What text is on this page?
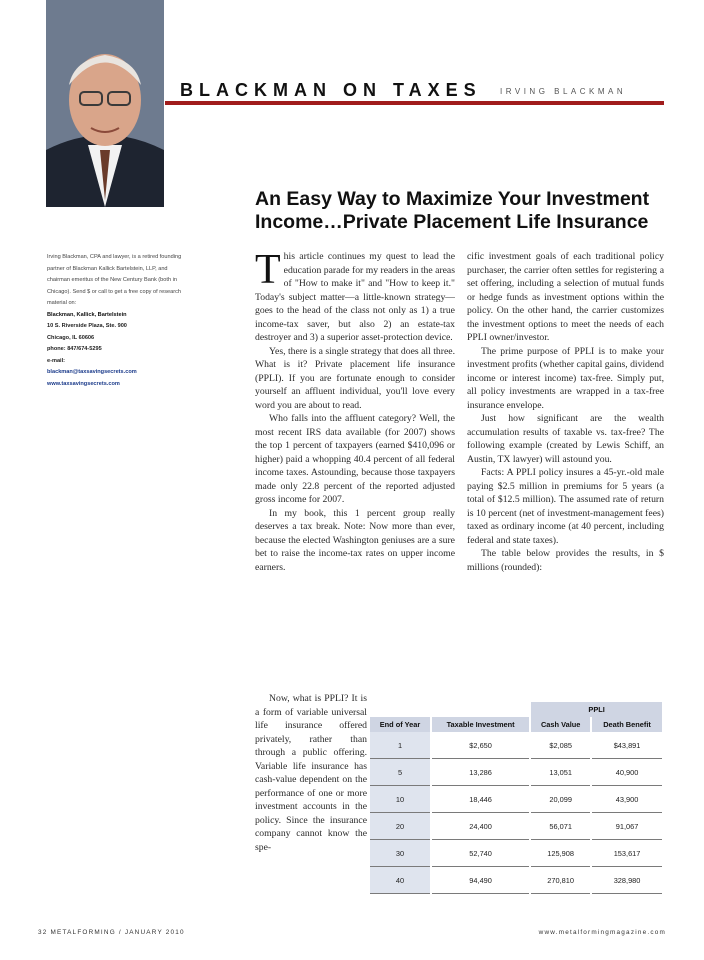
BLACKMAN ON TAXES IRVING BLACKMAN
An Easy Way to Maximize Your Investment Income…Private Placement Life Insurance
Irving Blackman, CPA and lawyer, is a retired founding partner of Blackman Kallick Bartelstein, LLP, and chairman emeritus of the New Century Bank (both in Chicago). Send $ or call to get a free copy of research material on:
Blackman, Kallick, Bartelstein
10 S. Riverside Plaza, Ste. 900
Chicago, IL 60606
phone: 847/674-5295
e-mail:
blackman@taxsavingsecrets.com
www.taxsavingsecrets.com

This article continues my quest to lead the education parade for my readers in the areas of "How to make it" and "How to keep it." Today's subject matter—a little-known strategy—goes to the head of the class not only as 1) a true income-tax saver, but also 2) an estate-tax destroyer and 3) a superior asset-protection device.

Yes, there is a single strategy that does all three. What is it? Private placement life insurance (PPLI). If you are fortunate enough to consider yourself an affluent individual, you'll love every word you are about to read.

Who falls into the affluent category? Well, the most recent IRS data available (for 2007) shows the top 1 percent of taxpayers (earned $410,096 or higher) paid a whopping 40.4 percent of all federal income taxes. Astounding, because those taxpayers made only 22.8 percent of the reported adjusted gross income for 2007.

In my book, this 1 percent group really deserves a tax break. Note: Now more than ever, because the elected Washington geniuses are a sure bet to raise the income-tax rates on upper income earners.

Now, what is PPLI? It is a form of variable universal life insurance offered privately, rather than through a public offering. Variable life insurance has cash-value dependent on the performance of one or more investment accounts in the policy. Since the insurance company cannot know the spe-

cific investment goals of each traditional policy purchaser, the carrier often settles for registering a set offering, including a selection of mutual funds or hedge funds as investment options within the policy. On the other hand, the carrier customizes the investment options to meet the needs of each PPLI owner/investor.

The prime purpose of PPLI is to make your investment profits (whether capital gains, dividend income or interest income) tax-free. Simply put, all policy investments are wrapped in a tax-free insurance envelope.

Just how significant are the wealth accumulation results of taxable vs. tax-free? The following example (created by Lewis Schiff, an Austin, TX lawyer) will astound you.

Facts: A PPLI policy insures a 45-yr.-old male paying $2.5 million in premiums for 5 years (a total of $12.5 million). The assumed rate of return is 10 percent (net of investment-management fees) taxed as ordinary income (at 40 percent, including federal and state taxes).

The table below provides the results, in $ millions (rounded):

		PPLI	
End of Year	Taxable Investment	Cash Value	Death Benefit
1	$2,650	$2,085	$43,891
5	13,286	13,051	40,900
10	18,446	20,099	43,900
20	24,400	56,071	91,067
30	52,740	125,908	153,617
40	94,490	270,810	328,980
32 METALFORMING / JANUARY 2010	www.metalformingmagazine.com
